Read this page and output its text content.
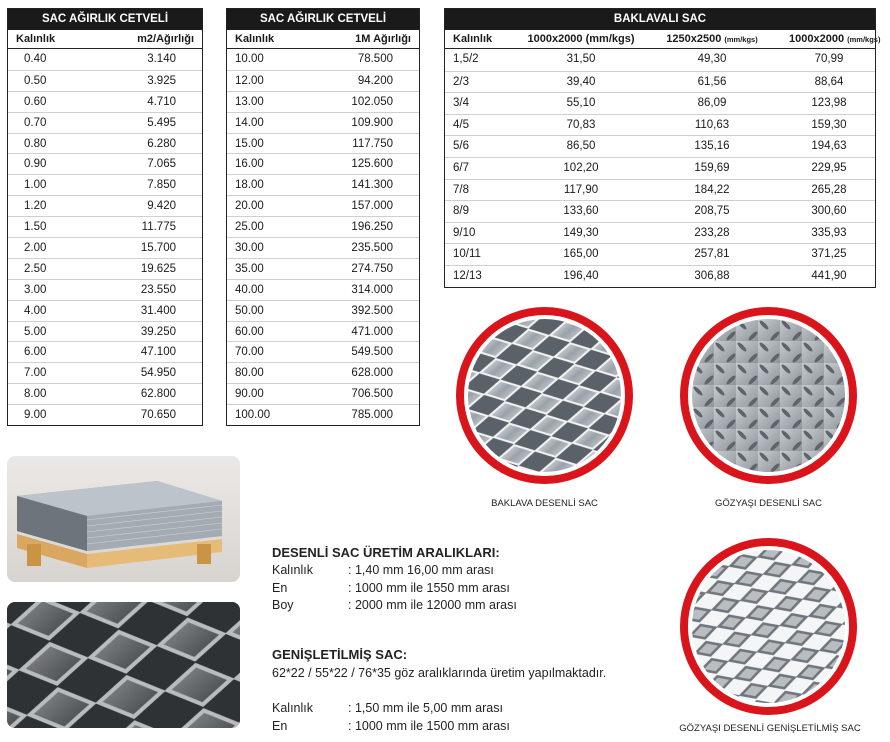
SAC AĞIRLIK CETVELİ
Kalınlık	m2/Ağırlığı
0.40	3.140
0.50	3.925
0.60	4.710
0.70	5.495
0.80	6.280
0.90	7.065
1.00	7.850
1.20	9.420
1.50	11.775
2.00	15.700
2.50	19.625
3.00	23.550
4.00	31.400
5.00	39.250
6.00	47.100
7.00	54.950
8.00	62.800
9.00	70.650
SAC AĞIRLIK CETVELİ
Kalınlık	1M Ağırlığı
10.00	78.500
12.00	94.200
13.00	102.050
14.00	109.900
15.00	117.750
16.00	125.600
18.00	141.300
20.00	157.000
25.00	196.250
30.00	235.500
35.00	274.750
40.00	314.000
50.00	392.500
60.00	471.000
70.00	549.500
80.00	628.000
90.00	706.500
100.00	785.000
BAKLAVALI SAC
Kalınlık	1000x2000 (mm/kgs)	1250x2500 (mm/kgs)	1000x2000 (mm/kgs)
1,5/2	31,50	49,30	70,99
2/3	39,40	61,56	88,64
3/4	55,10	86,09	123,98
4/5	70,83	110,63	159,30
5/6	86,50	135,16	194,63
6/7	102,20	159,69	229,95
7/8	117,90	184,22	265,28
8/9	133,60	208,75	300,60
9/10	149,30	233,28	335,93
10/11	165,00	257,81	371,25
12/13	196,40	306,88	441,90
BAKLAVA DESENLİ SAC	GÖZYAŞI DESENLİ SAC
GÖZYAŞI DESENLİ GENİŞLETİLMİŞ SAC
DESENLİ SAC ÜRETİM ARALIKLARI:
Kalınlık	: 1,40 mm 16,00 mm arası
En	: 1000 mm ile 1550 mm arası
Boy	: 2000 mm ile 12000 mm arası
GENİŞLETİLMİŞ SAC:
62*22 / 55*22 / 76*35 göz aralıklarında üretim yapılmaktadır.
Kalınlık	: 1,50 mm ile 5,00 mm arası
En	: 1000 mm ile 1500 mm arası
